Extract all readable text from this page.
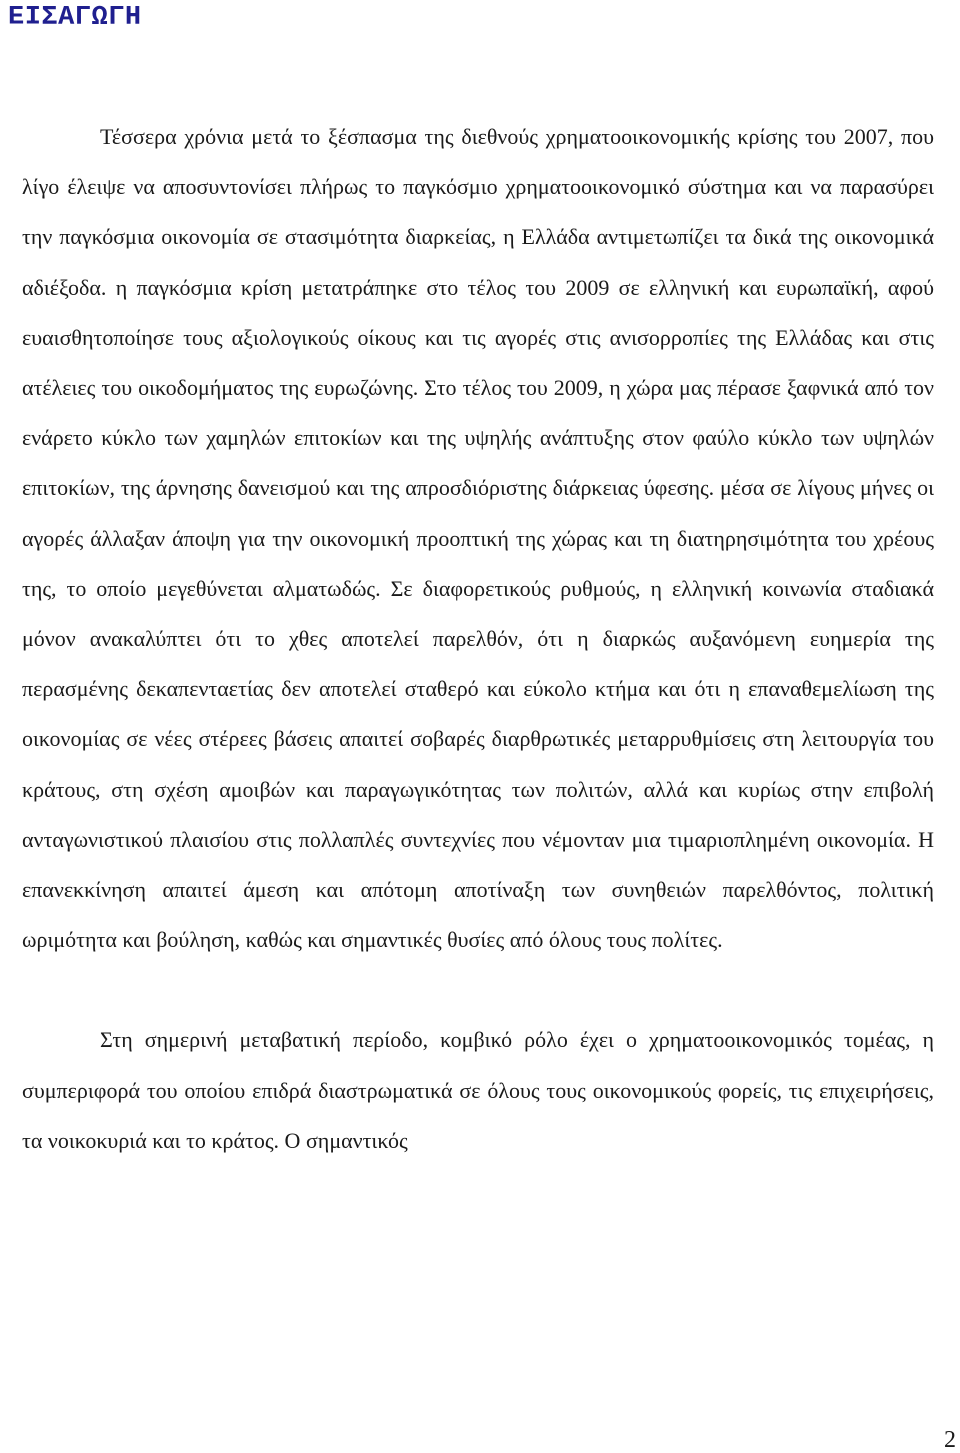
ΕΙΣΑΓΩΓΗ

Τέσσερα χρόνια μετά το ξέσπασμα της διεθνούς χρηματοοικονομικής κρίσης του 2007, που λίγο έλειψε να αποσυντονίσει πλήρως το παγκόσμιο χρηματοοικονομικό σύστημα και να παρασύρει την παγκόσμια οικονομία σε στασιμότητα διαρκείας, η Ελλάδα αντιμετωπίζει τα δικά της οικονομικά αδιέξοδα. η παγκόσμια κρίση μετατράπηκε στο τέλος του 2009 σε ελληνική και ευρωπαϊκή, αφού ευαισθητοποίησε τους αξιολογικούς οίκους και τις αγορές στις ανισορροπίες της Ελλάδας και στις ατέλειες του οικοδομήματος της ευρωζώνης. Στο τέλος του 2009, η χώρα μας πέρασε ξαφνικά από τον ενάρετο κύκλο των χαμηλών επιτοκίων και της υψηλής ανάπτυξης στον φαύλο κύκλο των υψηλών επιτοκίων, της άρνησης δανεισμού και της απροσδιόριστης διάρκειας ύφεσης. μέσα σε λίγους μήνες οι αγορές άλλαξαν άποψη για την οικονομική προοπτική της χώρας και τη διατηρησιμότητα του χρέους της, το οποίο μεγεθύνεται αλματωδώς. Σε διαφορετικούς ρυθμούς, η ελληνική κοινωνία σταδιακά μόνον ανακαλύπτει ότι το χθες αποτελεί παρελθόν, ότι η διαρκώς αυξανόμενη ευημερία της περασμένης δεκαπενταετίας δεν αποτελεί σταθερό και εύκολο κτήμα και ότι η επαναθεμελίωση της οικονομίας σε νέες στέρεες βάσεις απαιτεί σοβαρές διαρθρωτικές μεταρρυθμίσεις στη λειτουργία του κράτους, στη σχέση αμοιβών και παραγωγικότητας των πολιτών, αλλά και κυρίως στην επιβολή ανταγωνιστικού πλαισίου στις πολλαπλές συντεχνίες που νέμονταν μια τιμαριοπλημένη οικονομία. Η επανεκκίνηση απαιτεί άμεση και απότομη αποτίναξη των συνηθειών παρελθόντος, πολιτική ωριμότητα και βούληση, καθώς και σημαντικές θυσίες από όλους τους πολίτες.

Στη σημερινή μεταβατική περίοδο, κομβικό ρόλο έχει ο χρηματοοικονομικός τομέας, η συμπεριφορά του οποίου επιδρά διαστρωματικά σε όλους τους οικονομικούς φορείς, τις επιχειρήσεις, τα νοικοκυριά και το κράτος. Ο σημαντικός

2
